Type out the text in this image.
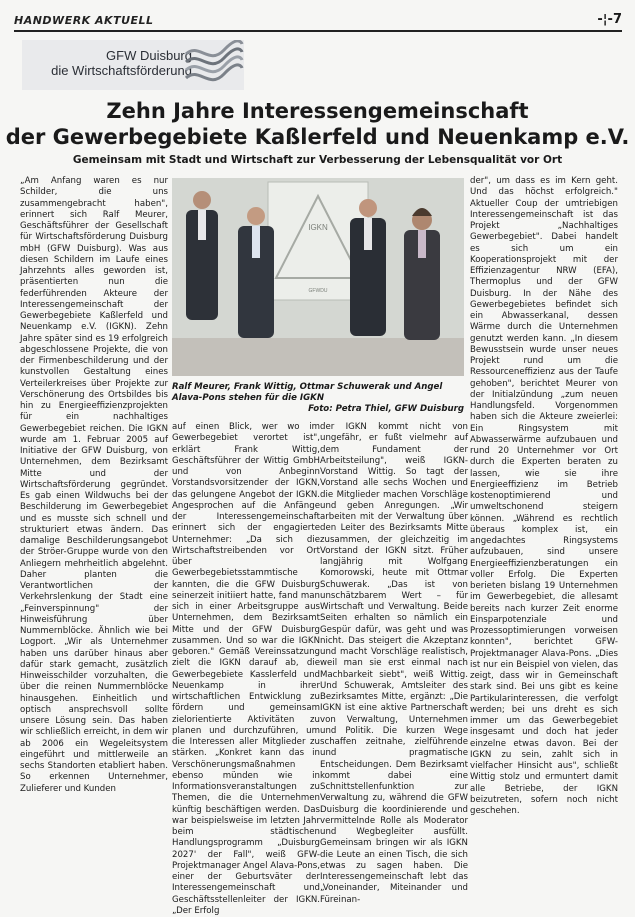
HANDWERK AKTUELL	-¦-7
GFW Duisburg
die Wirtschaftsförderung
Zehn Jahre Interessengemeinschaft
der Gewerbegebiete Kaßlerfeld und Neuenkamp e.V.
Gemeinsam mit Stadt und Wirtschaft zur Verbesserung der Lebensqualität vor Ort

„Am Anfang waren es nur Schilder, die uns zusammengebracht haben", erinnert sich Ralf Meurer, Geschäftsführer der Gesellschaft für Wirtschaftsförderung Duisburg mbH (GFW Duisburg). Was aus diesen Schildern im Laufe eines Jahrzehnts alles geworden ist, präsentierten nun die federführenden Akteure der Interessengemeinschaft der Gewerbegebiete Kaßlerfeld und Neuenkamp e.V. (IGKN). Zehn Jahre später sind es 19 erfolgreich abgeschlossene Projekte, die von der Firmenbeschilderung und der kunstvollen Gestaltung eines Verteilerkreises über Projekte zur Verschönerung des Ortsbildes bis hin zu Energieeffizienzprojekten für ein nachhaltiges Gewerbegebiet reichen. Die IGKN wurde am 1. Februar 2005 auf Initiative der GFW Duisburg, von Unternehmen, dem Bezirksamt Mitte und der Wirtschaftsförderung gegründet. Es gab einen Wildwuchs bei der Beschilderung im Gewerbegebiet und es musste sich schnell und strukturiert etwas ändern. Das damalige Beschilderungsangebot der Ströer-Gruppe wurde von den Anliegern mehrheitlich abgelehnt. Daher planten die Verantwortlichen der Verkehrslenkung der Stadt eine „Feinverspinnung" der Hinweisführung über Nummernblöcke. Ähnlich wie bei Logport. „Wir als Unternehmer haben uns darüber hinaus aber dafür stark gemacht, zusätzlich Hinweisschilder vorzuhalten, die über die reinen Nummernblöcke hinausgehen. Einheitlich und optisch ansprechsvoll sollte unsere Lösung sein. Das haben wir schließlich erreicht, in dem wir ab 2006 ein Wegeleitsystem eingeführt und mittlerweile an sechs Standorten etabliert haben. So erkennen Unternehmer, Zulieferer und Kunden

IGKN
GFWDU
Ralf Meurer, Frank Wittig, Ottmar Schuwerak und Angel Alava-Pons stehen für die IGKN
Foto: Petra Thiel, GFW Duisburg

auf einen Blick, wer wo im Gewerbegebiet verortet ist", erklärt Frank Wittig, Geschäftsführer der Wittig GmbH und von Anbeginn Vorstandsvorsitzender der IGKN, das gelungene Angebot der IGKN. Angesprochen auf die Anfänge der Interessengemeinschaft erinnert sich der engagierte Unternehmer: „Da sich die Wirtschaftstreibenden vor Ort über Gewerbegebietsstammtische kannten, die die GFW Duisburg seinerzeit initiiert hatte, fand man sich in einer Arbeitsgruppe aus Unternehmen, dem Bezirksamt Mitte und der GFW Duisburg zusammen. Und so war die IGKN geboren." Gemäß Vereinssatzung zielt die IGKN darauf ab, die Gewerbegebiete Kasslerfeld und Neuenkamp in ihrer wirtschaftlichen Entwicklung zu fördern und gemeinsam zielorientierte Aktivitäten zu planen und durchzuführen, um die Interessen aller Mitglieder zu stärken. „Konkret kann das in Verschönerungsmaßnahmen ebenso münden wie in Informationsveranstaltungen zu Themen, die die Unternehmen künftig beschäftigen werden. Das war beispielsweise im letzten Jahr beim städtischen Handlungsprogramm „Duisburg 2027' der Fall", weiß GFW-Projektmanager Angel Alava-Pons, einer der Geburtsväter der Interessengemeinschaft und Geschäftsstellenleiter der IGKN. „Der Erfolg

der IGKN kommt nicht von ungefähr, er fußt vielmehr auf dem Fundament der Arbeitsteilung", weiß IGKN-Vorstand Wittig. So tagt der Vorstand alle sechs Wochen und die Mitglieder machen Vorschläge und geben Anregungen. „Wir arbeiten mit der Verwaltung über den Leiter des Bezirksamts Mitte zusammen, der gleichzeitig im Vorstand der IGKN sitzt. Früher langjährig mit Wolfgang Komorowski, heute mit Ottmar Schuwerak. „Das ist von unschätzbarem Wert – für Wirtschaft und Verwaltung. Beide Seiten erhalten so nämlich ein Gespür dafür, was geht und was nicht. Das steigert die Akzeptanz und macht Vorschläge realistisch, weil man sie erst einmal nach Machbarkeit siebt", weiß Wittig. Und Schuwerak, Amtsleiter des Bezirksamtes Mitte, ergänzt: „Die IGKN ist eine aktive Partnerschaft von Verwaltung, Unternehmen und Politik. Die kurzen Wege schaffen zeitnahe, zielführende und pragmatische Entscheidungen. Dem Bezirksamt kommt dabei eine Schnittstellenfunktion zur Verwaltung zu, während die GFW Duisburg die koordinierende und vermittelnde Rolle als Moderator und Wegbegleiter ausfüllt. Gemeinsam bringen wir als IGKN die Leute an einen Tisch, die sich etwas zu sagen haben. Die Interessengemeinschaft lebt das „Voneinander, Miteinander und Füreinan-

der", um dass es im Kern geht. Und das höchst erfolgreich." Aktueller Coup der umtriebigen Interessengemeinschaft ist das Projekt „Nachhaltiges Gewerbegebiet". Dabei handelt es sich um ein Kooperationsprojekt mit der Effizienzagentur NRW (EFA), Thermoplus und der GFW Duisburg. In der Nähe des Gewerbegebietes befindet sich ein Abwasserkanal, dessen Wärme durch die Unternehmen genutzt werden kann. „In diesem Bewusstsein wurde unser neues Projekt rund um die Ressourceneffizienz aus der Taufe gehoben", berichtet Meurer von der Initialzündung „zum neuen Handlungsfeld. Vorgenommen haben sich die Akteure zweierlei: Ein Ringsystem mit Abwasserwärme aufzubauen und rund 20 Unternehmer vor Ort durch die Experten beraten zu lassen, wie sie ihre Energieeffizienz im Betrieb kostenoptimierend und umweltschonend steigern können. „Während es rechtlich überaus komplex ist, ein angedachtes Ringsystems aufzubauen, sind unsere Energieeffizienzberatungen ein voller Erfolg. Die Experten berieten bislang 19 Unternehmen im Gewerbegebiet, die allesamt bereits nach kurzer Zeit enorme Einsparpotenziale und Prozessoptimierungen vorweisen konnten", berichtet GFW-Projektmanager Alava-Pons. „Dies ist nur ein Beispiel von vielen, das zeigt, dass wir in Gemeinschaft stark sind. Bei uns gibt es keine Partikularinteressen, die verfolgt werden; bei uns dreht es sich immer um das Gewerbegebiet insgesamt und doch hat jeder einzelne etwas davon. Bei der IGKN zu sein, zahlt sich in vielfacher Hinsicht aus", schließt Wittig stolz und ermuntert damit alle Betriebe, der IGKN beizutreten, sofern noch nicht geschehen.
